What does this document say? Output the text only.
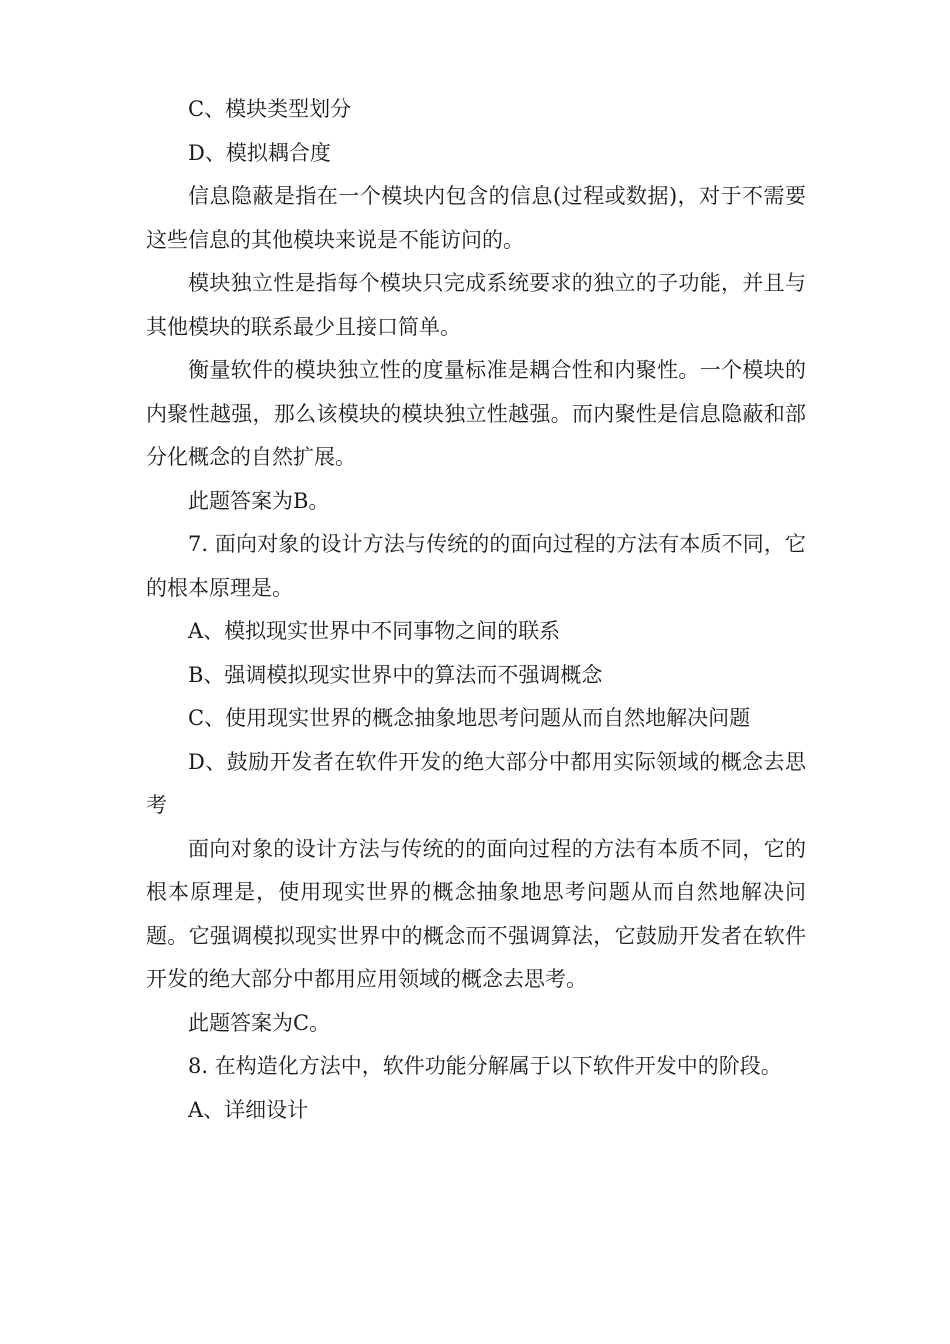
C、模块类型划分

D、模拟耦合度

信息隐蔽是指在一个模块内包含的信息(过程或数据)，对于不需要这些信息的其他模块来说是不能访问的。

模块独立性是指每个模块只完成系统要求的独立的子功能，并且与其他模块的联系最少且接口简单。

衡量软件的模块独立性的度量标准是耦合性和内聚性。一个模块的内聚性越强，那么该模块的模块独立性越强。而内聚性是信息隐蔽和部分化概念的自然扩展。

此题答案为B。

7. 面向对象的设计方法与传统的的面向过程的方法有本质不同，它的根本原理是。

A、模拟现实世界中不同事物之间的联系

B、强调模拟现实世界中的算法而不强调概念

C、使用现实世界的概念抽象地思考问题从而自然地解决问题

D、鼓励开发者在软件开发的绝大部分中都用实际领域的概念去思考

面向对象的设计方法与传统的的面向过程的方法有本质不同，它的根本原理是，使用现实世界的概念抽象地思考问题从而自然地解决问题。它强调模拟现实世界中的概念而不强调算法，它鼓励开发者在软件开发的绝大部分中都用应用领域的概念去思考。

此题答案为C。

8. 在构造化方法中，软件功能分解属于以下软件开发中的阶段。

A、详细设计
